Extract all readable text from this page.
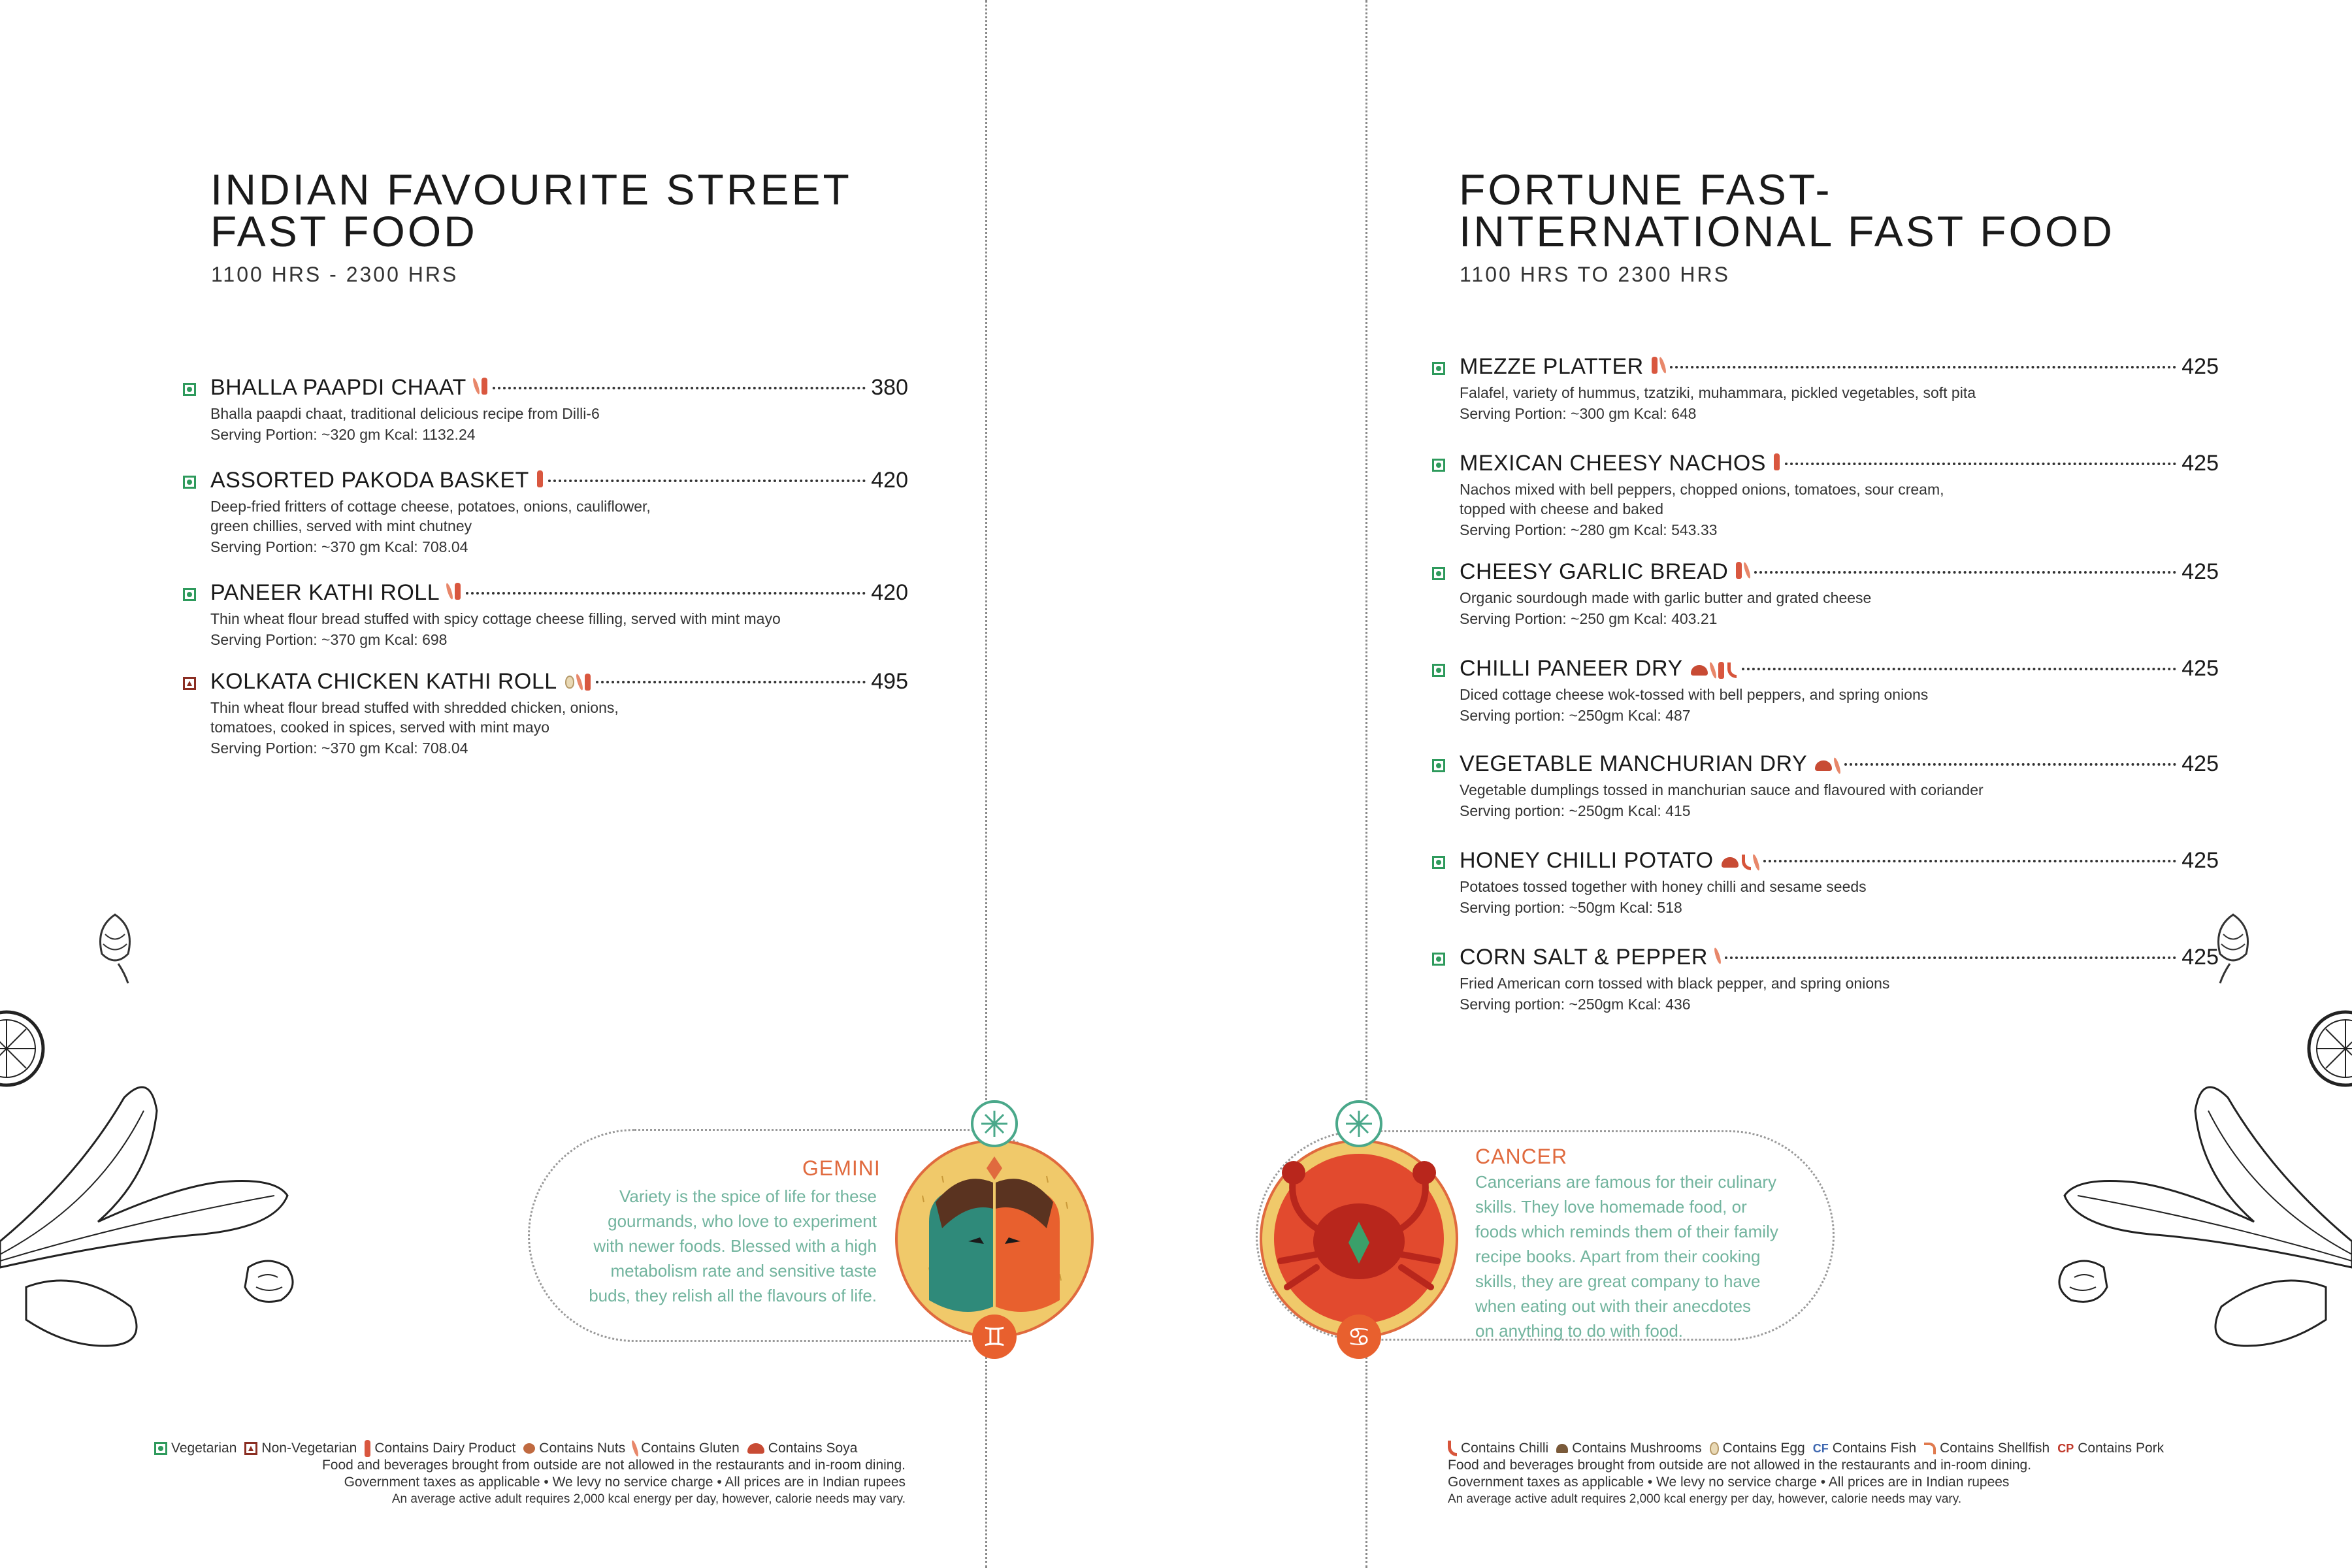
INDIAN FAVOURITE STREET
FAST FOOD
1100 HRS - 2300 HRS
BHALLA PAAPDI CHAAT	380
Bhalla paapdi chaat, traditional delicious recipe from Dilli-6
Serving Portion: ~320 gm Kcal: 1132.24
ASSORTED PAKODA BASKET	420
Deep-fried fritters of cottage cheese, potatoes, onions, cauliflower,
green chillies, served with mint chutney
Serving Portion: ~370 gm Kcal: 708.04
PANEER KATHI ROLL	420
Thin wheat flour bread stuffed with spicy cottage cheese filling, served with mint mayo
Serving Portion: ~370 gm Kcal: 698
KOLKATA CHICKEN KATHI ROLL	495
Thin wheat flour bread stuffed with shredded chicken, onions,
tomatoes, cooked in spices, served with mint mayo
Serving Portion: ~370 gm Kcal: 708.04
GEMINI
Variety is the spice of life for these
gourmands, who love to experiment
with newer foods. Blessed with a high
metabolism rate and sensitive taste
buds, they relish all the flavours of life.
♊
Vegetarian Non-Vegetarian Contains Dairy Product Contains Nuts Contains Gluten Contains Soya
Food and beverages brought from outside are not allowed in the restaurants and in-room dining.
Government taxes as applicable • We levy no service charge • All prices are in Indian rupees
An average active adult requires 2,000 kcal energy per day, however, calorie needs may vary.
FORTUNE FAST-
INTERNATIONAL FAST FOOD
1100 HRS TO 2300 HRS
MEZZE PLATTER	425
Falafel, variety of hummus, tzatziki, muhammara, pickled vegetables, soft pita
Serving Portion: ~300 gm Kcal: 648
MEXICAN CHEESY NACHOS	425
Nachos mixed with bell peppers, chopped onions, tomatoes, sour cream,
topped with cheese and baked
Serving Portion: ~280 gm Kcal: 543.33
CHEESY GARLIC BREAD	425
Organic sourdough made with garlic butter and grated cheese
Serving Portion: ~250 gm Kcal: 403.21
CHILLI PANEER DRY	425
Diced cottage cheese wok-tossed with bell peppers, and spring onions
Serving portion: ~250gm Kcal: 487
VEGETABLE MANCHURIAN DRY	425
Vegetable dumplings tossed in manchurian sauce and flavoured with coriander
Serving portion: ~250gm Kcal: 415
HONEY CHILLI POTATO	425
Potatoes tossed together with honey chilli and sesame seeds
Serving portion: ~50gm Kcal: 518
CORN SALT & PEPPER	425
Fried American corn tossed with black pepper, and spring onions
Serving portion: ~250gm Kcal: 436
CANCER
Cancerians are famous for their culinary
skills. They love homemade food, or
foods which reminds them of their family
recipe books. Apart from their cooking
skills, they are great company to have
when eating out with their anecdotes
on anything to do with food.
♋
Contains Chilli Contains Mushrooms Contains Egg CF Contains Fish Contains Shellfish CP Contains Pork
Food and beverages brought from outside are not allowed in the restaurants and in-room dining.
Government taxes as applicable • We levy no service charge • All prices are in Indian rupees
An average active adult requires 2,000 kcal energy per day, however, calorie needs may vary.
